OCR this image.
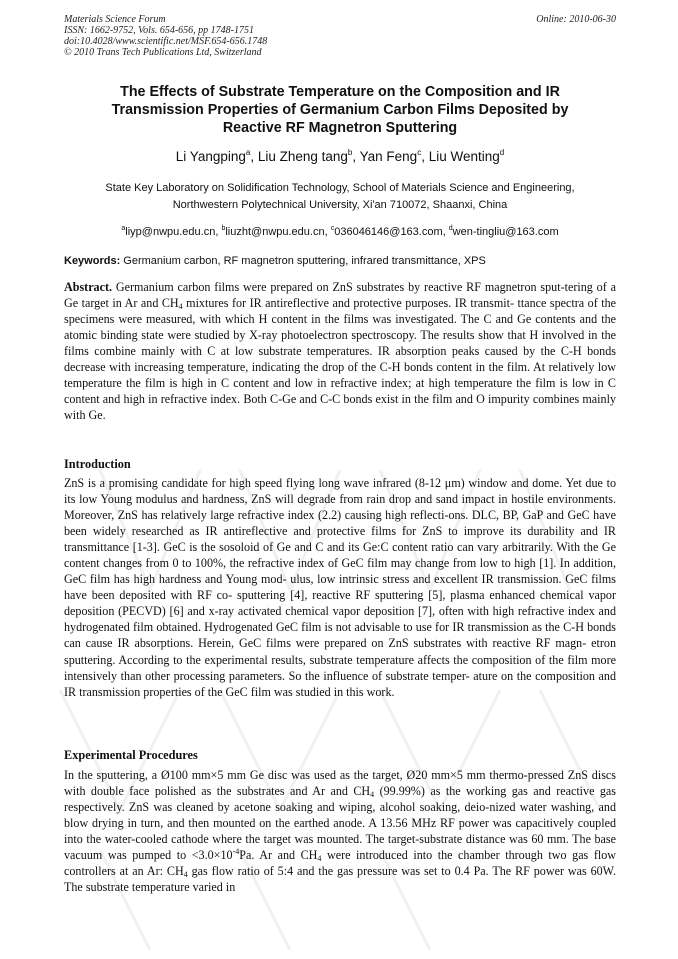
Materials Science Forum
ISSN: 1662-9752, Vols. 654-656, pp 1748-1751
doi:10.4028/www.scientific.net/MSF.654-656.1748
© 2010 Trans Tech Publications Ltd, Switzerland
Online: 2010-06-30
The Effects of Substrate Temperature on the Composition and IR
Transmission Properties of Germanium Carbon Films Deposited by
Reactive RF Magnetron Sputtering
Li Yangping$^a$, Liu Zheng tang$^b$, Yan Feng$^c$, Liu Wenting$^d$
State Key Laboratory on Solidification Technology, School of Materials Science and Engineering,
Northwestern Polytechnical University, Xi'an 710072, Shaanxi, China
$^a$liyp@nwpu.edu.cn, $^b$liuzht@nwpu.edu.cn, $^c$036046146@163.com, $^d$wen-tingliu@163.com
Keywords: Germanium carbon, RF magnetron sputtering, infrared transmittance, XPS
Abstract. Germanium carbon films were prepared on ZnS substrates by reactive RF magnetron sput-tering of a Ge target in Ar and $CH_4$ mixtures for IR antireflective and protective purposes. IR transmit- ttance spectra of the specimens were measured, with which H content in the films was investigated. The C and Ge contents and the atomic binding state were studied by X-ray photoelectron spectroscopy. The results show that H involved in the films combine mainly with C at low substrate temperatures. IR absorption peaks caused by the C-H bonds decrease with increasing temperature, indicating the drop of the C-H bonds content in the film. At relatively low temperature the film is high in C content and low in refractive index; at high temperature the film is low in C content and high in refractive index. Both C-Ge and C-C bonds exist in the film and O impurity combines mainly with Ge.
Introduction
ZnS is a promising candidate for high speed flying long wave infrared (8-12 μm) window and dome. Yet due to its low Young modulus and hardness, ZnS will degrade from rain drop and sand impact in hostile environments. Moreover, ZnS has relatively large refractive index (2.2) causing high reflecti-ons. DLC, BP, GaP and GeC have been widely researched as IR antireflective and protective films for ZnS to improve its durability and IR transmittance [1-3]. GeC is the sosoloid of Ge and C and its Ge:C content ratio can vary arbitrarily. With the Ge content changes from 0 to 100%, the refractive index of GeC film may change from low to high [1]. In addition, GeC film has high hardness and Young mod- ulus, low intrinsic stress and excellent IR transmission. GeC films have been deposited with RF co- sputtering [4], reactive RF sputtering [5], plasma enhanced chemical vapor deposition (PECVD) [6] and x-ray activated chemical vapor deposition [7], often with high refractive index and hydrogenated film obtained. Hydrogenated GeC film is not advisable to use for IR transmission as the C-H bonds can cause IR absorptions. Herein, GeC films were prepared on ZnS substrates with reactive RF magn- etron sputtering. According to the experimental results, substrate temperature affects the composition of the film more intensively than other processing parameters. So the influence of substrate temper- ature on the composition and IR transmission properties of the GeC film was studied in this work.
Experimental Procedures
In the sputtering, a Ø100 mm×5 mm Ge disc was used as the target, Ø20 mm×5 mm thermo-pressed ZnS discs with double face polished as the substrates and Ar and $CH_4$ (99.99%) as the working gas and reactive gas respectively. ZnS was cleaned by acetone soaking and wiping, alcohol soaking, deio-nized water washing, and blow drying in turn, and then mounted on the earthed anode. A 13.56 MHz RF power was capacitively coupled into the water-cooled cathode where the target was mounted. The target-substrate distance was 60 mm. The base vacuum was pumped to $<3.0\times 10^{-4}Pa$. Ar and $CH_4$ were introduced into the chamber through two gas flow controllers at an Ar: $CH_4$ gas flow ratio of 5:4 and the gas pressure was set to 0.4 Pa. The RF power was 60W. The substrate temperature varied in
